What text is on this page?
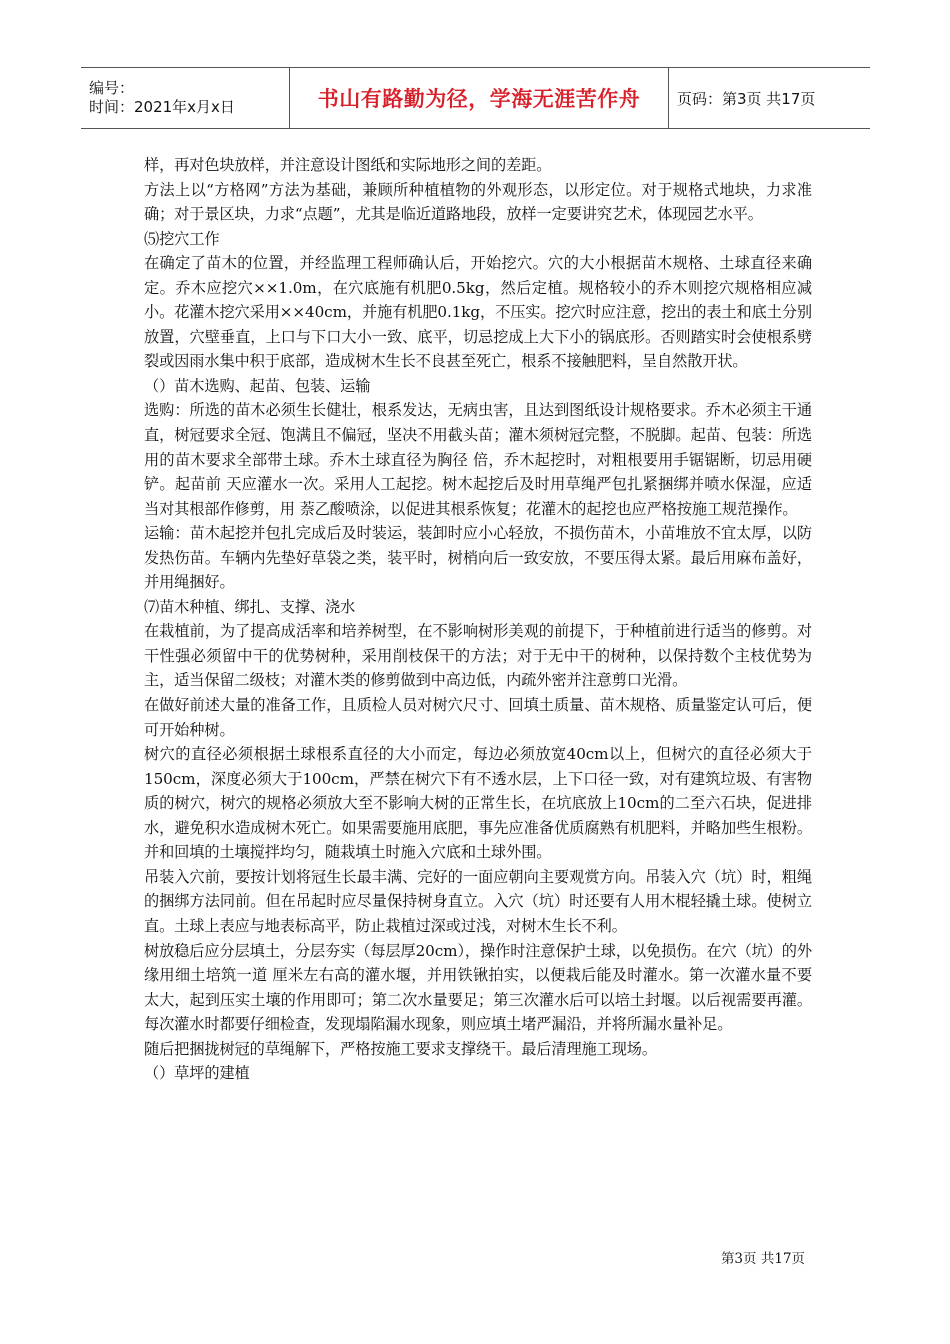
编号：
时间：2021年x月x日	书山有路勤为径，学海无涯苦作舟	页码：第3页 共17页

样，再对色块放样，并注意设计图纸和实际地形之间的差距。

方法上以“方格网”方法为基础，兼顾所种植植物的外观形态，以形定位。对于规格式地块，力求准确；对于景区块，力求“点题”，尤其是临近道路地段，放样一定要讲究艺术，体现园艺水平。

⑸挖穴工作

在确定了苗木的位置，并经监理工程师确认后，开始挖穴。穴的大小根据苗木规格、土球直径来确定。乔木应挖穴××1.0m，在穴底施有机肥0.5kg，然后定植。规格较小的乔木则挖穴规格相应减小。花灌木挖穴采用××40cm，并施有机肥0.1kg，不压实。挖穴时应注意，挖出的表土和底土分别放置，穴壁垂直，上口与下口大小一致、底平，切忌挖成上大下小的锅底形。否则踏实时会使根系劈裂或因雨水集中积于底部，造成树木生长不良甚至死亡，根系不接触肥料，呈自然散开状。

（）苗木选购、起苗、包装、运输

选购：所选的苗木必须生长健壮，根系发达，无病虫害，且达到图纸设计规格要求。乔木必须主干通直，树冠要求全冠、饱满且不偏冠，坚决不用截头苗；灌木须树冠完整，不脱脚。起苗、包装：所选用的苗木要求全部带土球。乔木土球直径为胸径 倍，乔木起挖时，对粗根要用手锯锯断，切忌用硬铲。起苗前 天应灌水一次。采用人工起挖。树木起挖后及时用草绳严包扎紧捆绑并喷水保湿，应适当对其根部作修剪，用 萘乙酸喷涂，以促进其根系恢复；花灌木的起挖也应严格按施工规范操作。

运输：苗木起挖并包扎完成后及时装运，装卸时应小心轻放，不损伤苗木，小苗堆放不宜太厚，以防发热伤苗。车辆内先垫好草袋之类，装平时，树梢向后一致安放，不要压得太紧。最后用麻布盖好，并用绳捆好。

⑺苗木种植、绑扎、支撑、浇水

在栽植前，为了提高成活率和培养树型，在不影响树形美观的前提下，于种植前进行适当的修剪。对干性强必须留中干的优势树种，采用削枝保干的方法；对于无中干的树种，以保持数个主枝优势为主，适当保留二级枝；对灌木类的修剪做到中高边低，内疏外密并注意剪口光滑。

在做好前述大量的准备工作，且质检人员对树穴尺寸、回填土质量、苗木规格、质量鉴定认可后，便可开始种树。

树穴的直径必须根据土球根系直径的大小而定，每边必须放宽40cm以上，但树穴的直径必须大于150cm，深度必须大于100cm，严禁在树穴下有不透水层，上下口径一致，对有建筑垃圾、有害物质的树穴，树穴的规格必须放大至不影响大树的正常生长，在坑底放上10cm的二至六石块，促进排水，避免积水造成树木死亡。如果需要施用底肥，事先应准备优质腐熟有机肥料，并略加些生根粉。并和回填的土壤搅拌均匀，随栽填土时施入穴底和土球外围。

吊装入穴前，要按计划将冠生长最丰满、完好的一面应朝向主要观赏方向。吊装入穴（坑）时，粗绳的捆绑方法同前。但在吊起时应尽量保持树身直立。入穴（坑）时还要有人用木棍轻撬土球。使树立直。土球上表应与地表标高平，防止栽植过深或过浅，对树木生长不利。

树放稳后应分层填土，分层夯实（每层厚20cm），操作时注意保护土球，以免损伤。在穴（坑）的外缘用细土培筑一道 厘米左右高的灌水堰，并用铁锹拍实，以便栽后能及时灌水。第一次灌水量不要太大，起到压实土壤的作用即可；第二次水量要足；第三次灌水后可以培土封堰。以后视需要再灌。每次灌水时都要仔细检查，发现塌陷漏水现象，则应填土堵严漏沿，并将所漏水量补足。

随后把捆拢树冠的草绳解下，严格按施工要求支撑绕干。最后清理施工现场。

（）草坪的建植

第3页 共17页
